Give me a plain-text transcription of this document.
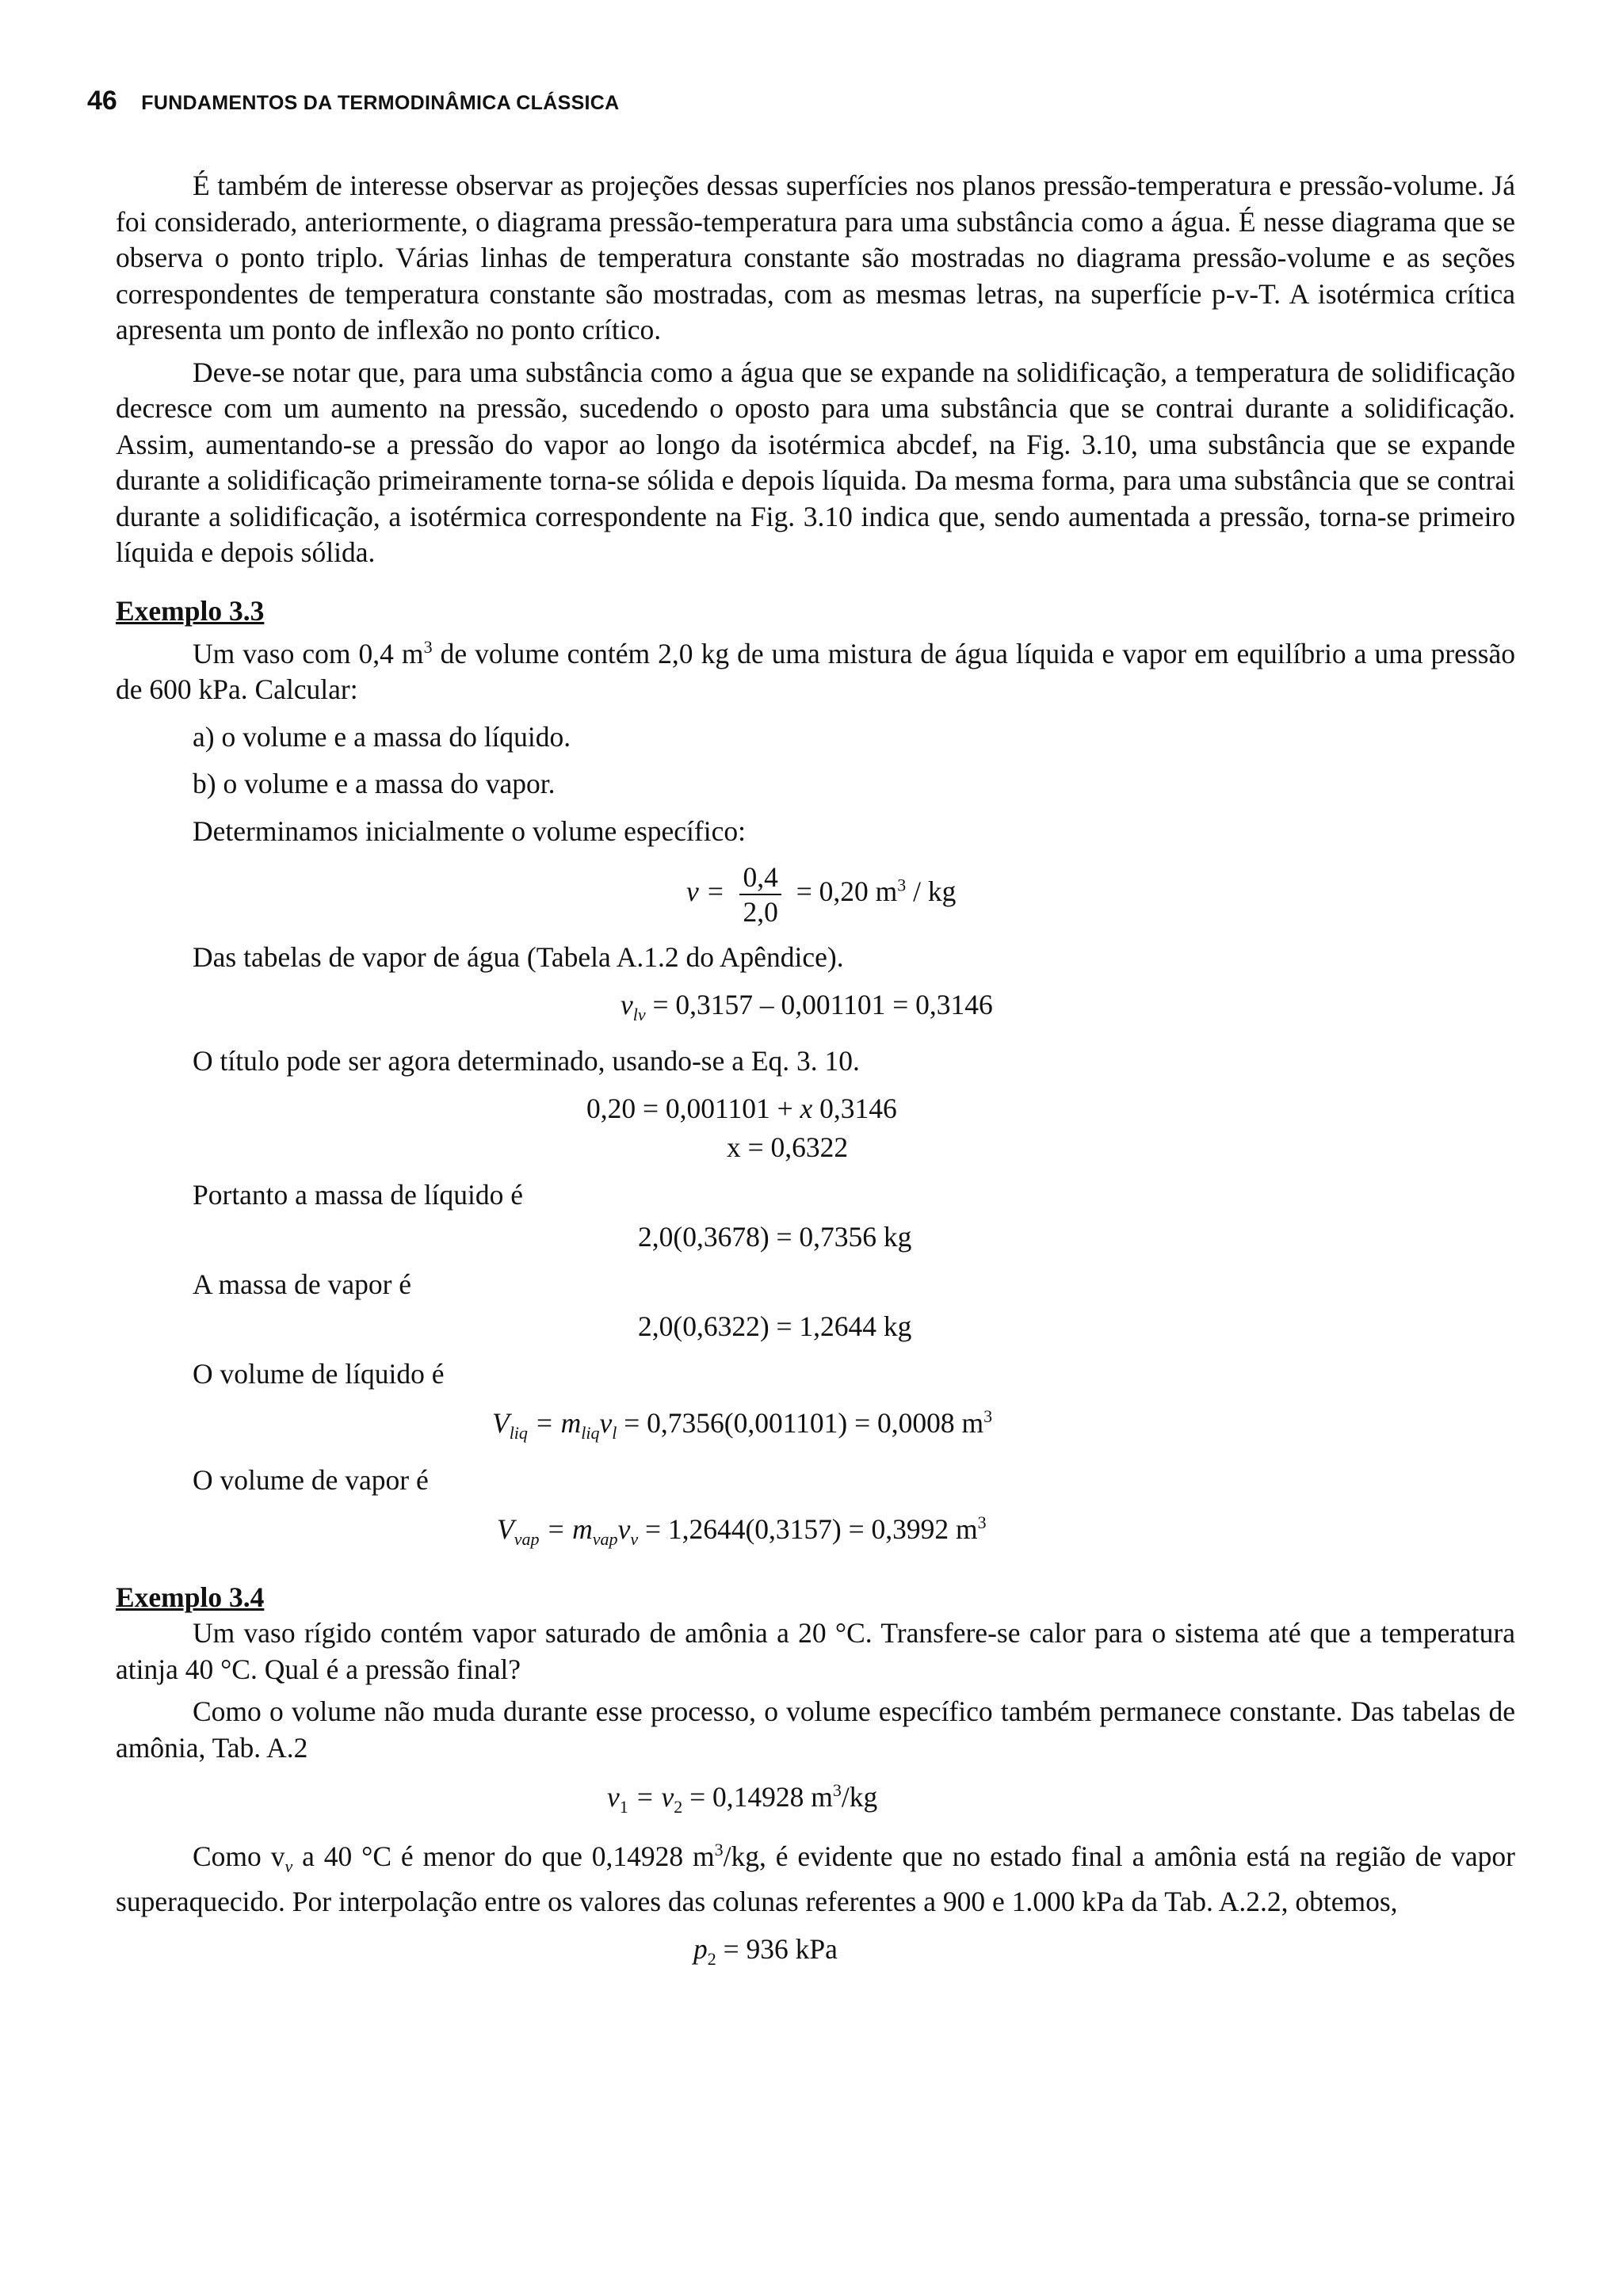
46 FUNDAMENTOS DA TERMODINÂMICA CLÁSSICA

É também de interesse observar as projeções dessas superfícies nos planos pressão-temperatura e pressão-volume. Já foi considerado, anteriormente, o diagrama pressão-temperatura para uma substância como a água. É nesse diagrama que se observa o ponto triplo. Várias linhas de temperatura constante são mostradas no diagrama pressão-volume e as seções correspondentes de temperatura constante são mostradas, com as mesmas letras, na superfície p-v-T. A isotérmica crítica apresenta um ponto de inflexão no ponto crítico.

Deve-se notar que, para uma substância como a água que se expande na solidificação, a temperatura de solidificação decresce com um aumento na pressão, sucedendo o oposto para uma substância que se contrai durante a solidificação. Assim, aumentando-se a pressão do vapor ao longo da isotérmica abcdef, na Fig. 3.10, uma substância que se expande durante a solidificação primeiramente torna-se sólida e depois líquida. Da mesma forma, para uma substância que se contrai durante a solidificação, a isotérmica correspondente na Fig. 3.10 indica que, sendo aumentada a pressão, torna-se primeiro líquida e depois sólida.

Exemplo 3.3

Um vaso com 0,4 $m^3$ de volume contém 2,0 kg de uma mistura de água líquida e vapor em equilíbrio a uma pressão de 600 kPa. Calcular:

a) o volume e a massa do líquido.

b) o volume e a massa do vapor.

Determinamos inicialmente o volume específico:

$v = \frac{0,4}{2,0} = 0,20$ $m^3$ / kg

Das tabelas de vapor de água (Tabela A.1.2 do Apêndice).

$v_{lv} = 0,3157 - 0,001101 = 0,3146$

O título pode ser agora determinado, usando-se a Eq. 3. 10.

0,20 = 0,001101 + x 0,3146

x = 0,6322

Portanto a massa de líquido é

2,0(0,3678) = 0,7356 kg

A massa de vapor é

2,0(0,6322) = 1,2644 kg

O volume de líquido é

$V_{liq} = m_{liq}v_l = 0,7356(0,001101) = 0,0008$ $m^3$

O volume de vapor é

$V_{vap} = m_{vap}v_v = 1,2644(0,3157) = 0,3992$ $m^3$

Exemplo 3.4

Um vaso rígido contém vapor saturado de amônia a 20 °C. Transfere-se calor para o sistema até que a temperatura atinja 40 °C. Qual é a pressão final?

Como o volume não muda durante esse processo, o volume específico também permanece constante. Das tabelas de amônia, Tab. A.2

$v_1 = v_2 = 0,14928$ $m^3/kg$

Como $v_v$ a 40 °C é menor do que 0,14928 $m^3/kg$, é evidente que no estado final a amônia está na região de vapor superaquecido. Por interpolação entre os valores das colunas referentes a 900 e 1.000 kPa da Tab. A.2.2, obtemos,

$p_2 = 936$ kPa
